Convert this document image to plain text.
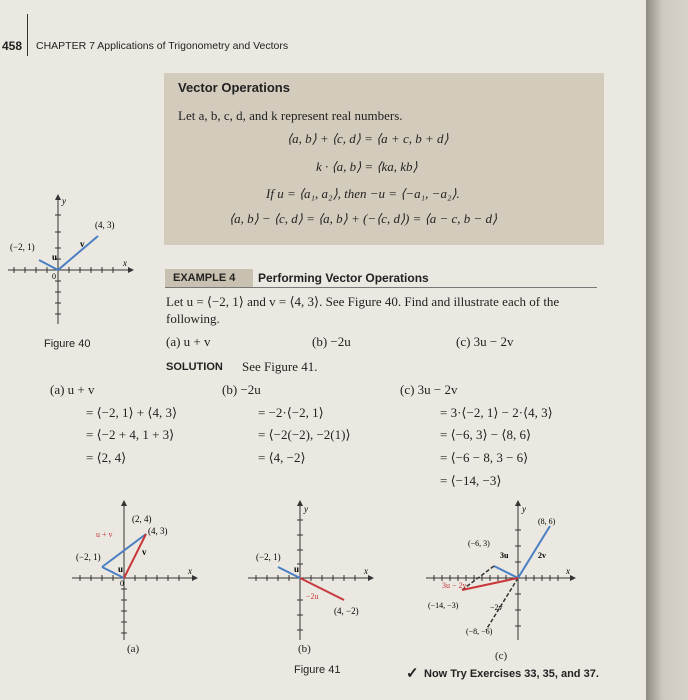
458 CHAPTER 7 Applications of Trigonometry and Vectors
Vector Operations
Let a, b, c, d, and k represent real numbers.
⟨a, b⟩ + ⟨c, d⟩ = ⟨a + c, b + d⟩
k · ⟨a, b⟩ = ⟨ka, kb⟩
If u = ⟨a₁, a₂⟩, then −u = ⟨−a₁, −a₂⟩.
⟨a, b⟩ − ⟨c, d⟩ = ⟨a, b⟩ + (−⟨c, d⟩) = ⟨a − c, b − d⟩
(−2, 1)
(4, 3)
u
v
x
y
0
Figure 40
EXAMPLE 4 Performing Vector Operations
Let u = ⟨−2, 1⟩ and v = ⟨4, 3⟩. See Figure 40. Find and illustrate each of the
following.
(a) u + v	(b) −2u	(c) 3u − 2v
SOLUTION See Figure 41.
(a) u + v
= ⟨−2, 1⟩ + ⟨4, 3⟩
= ⟨−2 + 4, 1 + 3⟩
= ⟨2, 4⟩
(b) −2u
= −2·⟨−2, 1⟩
= ⟨−2(−2), −2(1)⟩
= ⟨4, −2⟩
(c) 3u − 2v
= 3·⟨−2, 1⟩ − 2·⟨4, 3⟩
= ⟨−6, 3⟩ − ⟨8, 6⟩
= ⟨−6 − 8, 3 − 6⟩
= ⟨−14, −3⟩
(2, 4)
(4, 3)
(−2, 1)
u + v
u
v
x
0
(a)
(−2, 1)
(4, −2)
u
−2u
x
y
(b)
Figure 41
(8, 6)
(−6, 3)
(−14, −3)
(−8, −6)
3u	2v
3u − 2v
−2v
x
y
(c)
✓ Now Try Exercises 33, 35, and 37.
